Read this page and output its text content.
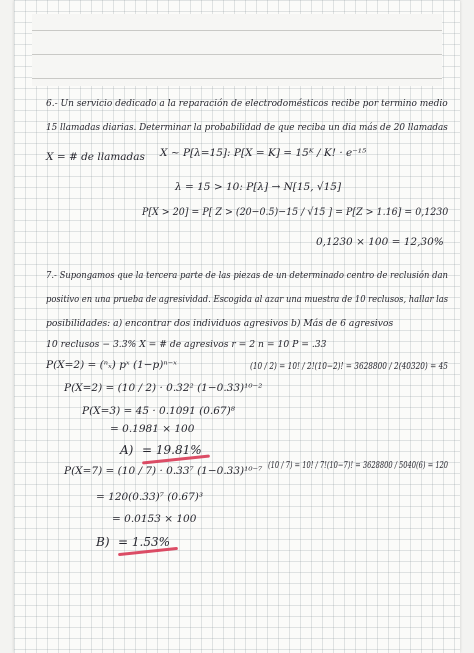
6.- Un servicio dedicado a la reparación de electrodomésticos recibe por termino medio
15 llamadas diarias. Determinar la probabilidad de que reciba un dia más de 20 llamadas
X = # de llamadas X ~ P[λ=15]: P[X = K] = 15ᴷ / K! · e⁻¹⁵
λ = 15 > 10: P[λ] → N[15, √15]
P[X > 20] = P[ Z > (20−0.5)−15 / √15 ] = P[Z > 1.16] = 0,1230
0,1230 × 100 = 12,30%
7.- Supongamos que la tercera parte de las piezas de un determinado centro de reclusión dan
positivo en una prueba de agresividad. Escogida al azar una muestra de 10 reclusos, hallar las
posibilidades: a) encontrar dos individuos agresivos b) Más de 6 agresivos
10 reclusos − 3.3% X = # de agresivos r = 2 n = 10 P = .33
P(X=2) = (ⁿₓ) pˣ (1−p)ⁿ⁻ˣ	(10 / 2) = 10! / 2!(10−2)! = 3628800 / 2(40320) = 45
P(X=2) = (10 / 2) · 0.32² (1−0.33)¹⁰⁻²
P(X=3) = 45 · 0.1091 (0.67)⁸
= 0.1981 × 100
A) = 19.81%
P(X=7) = (10 / 7) · 0.33⁷ (1−0.33)¹⁰⁻⁷ (10 / 7) = 10! / 7!(10−7)! = 3628800 / 5040(6) = 120
= 120(0.33)⁷ (0.67)³
= 0.0153 × 100
B) = 1.53%
